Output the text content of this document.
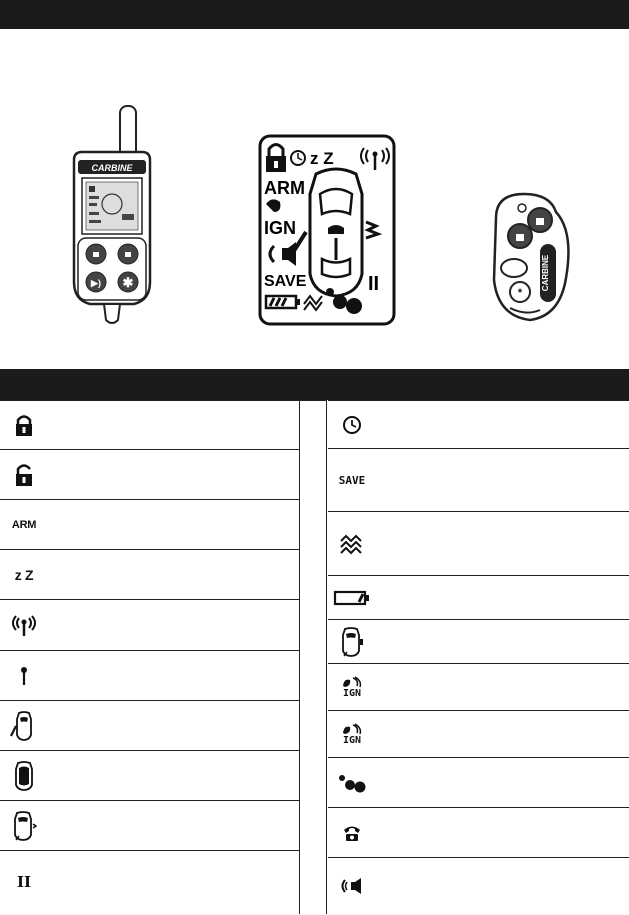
CARBINE
✱
▶)
z Z
ARM
IGN
SAVE	II	*
CARBINE
ARM
z Z
II
SAVE
IGN
IGN
